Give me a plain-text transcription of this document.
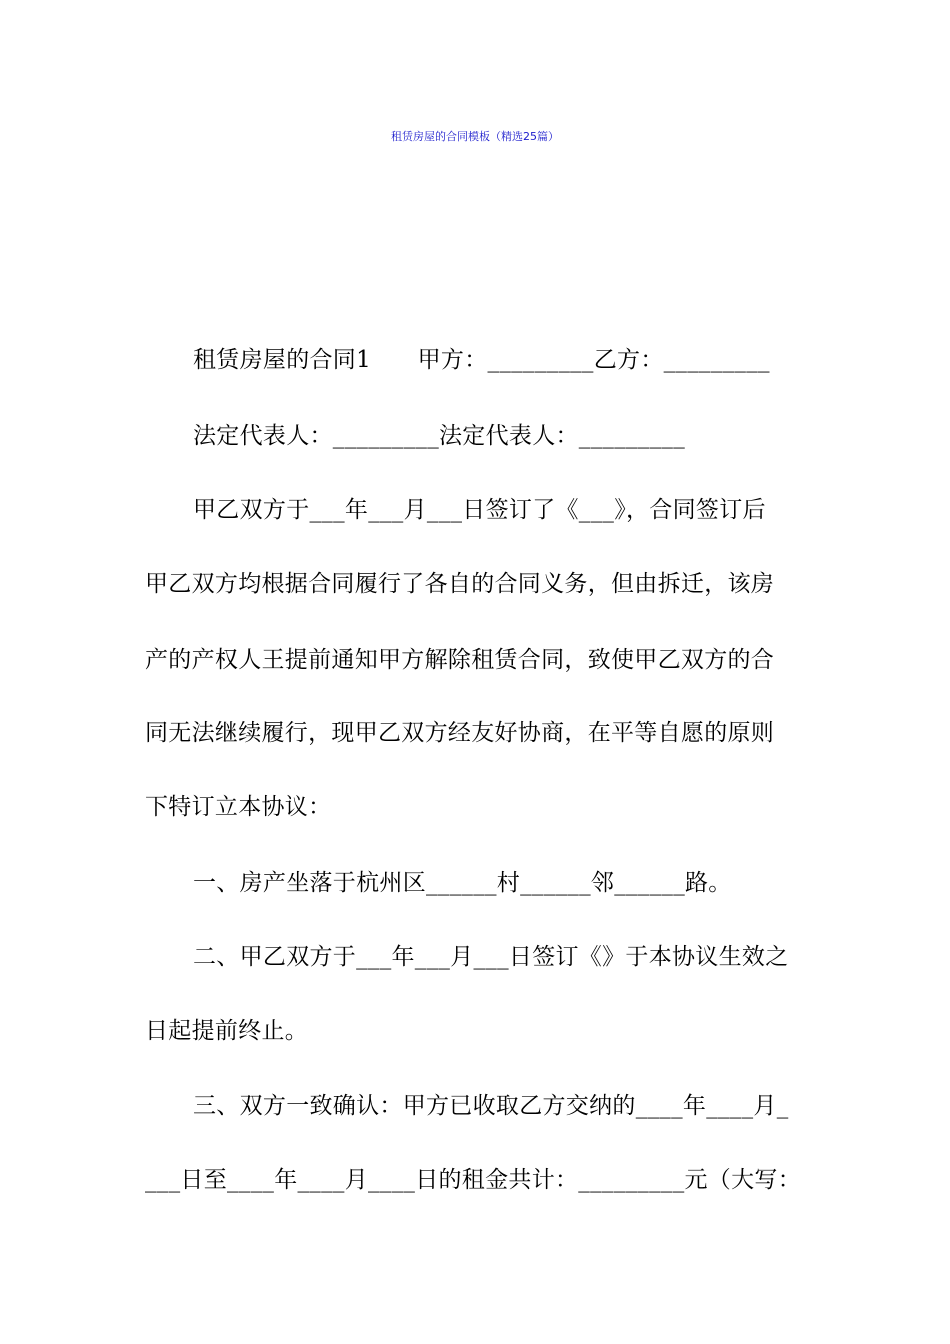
租赁房屋的合同模板（精选25篇）
租赁房屋的合同1　　甲方：_________乙方：_________
法定代表人：_________法定代表人：_________
甲乙双方于___年___月___日签订了《___》，合同签订后
甲乙双方均根据合同履行了各自的合同义务，但由拆迁，该房
产的产权人王提前通知甲方解除租赁合同，致使甲乙双方的合
同无法继续履行，现甲乙双方经友好协商，在平等自愿的原则
下特订立本协议：
一、房产坐落于杭州区______村______邻______路。
二、甲乙双方于___年___月___日签订《》于本协议生效之
日起提前终止。
三、双方一致确认：甲方已收取乙方交纳的____年____月_
___日至____年____月____日的租金共计：_________元（大写：
